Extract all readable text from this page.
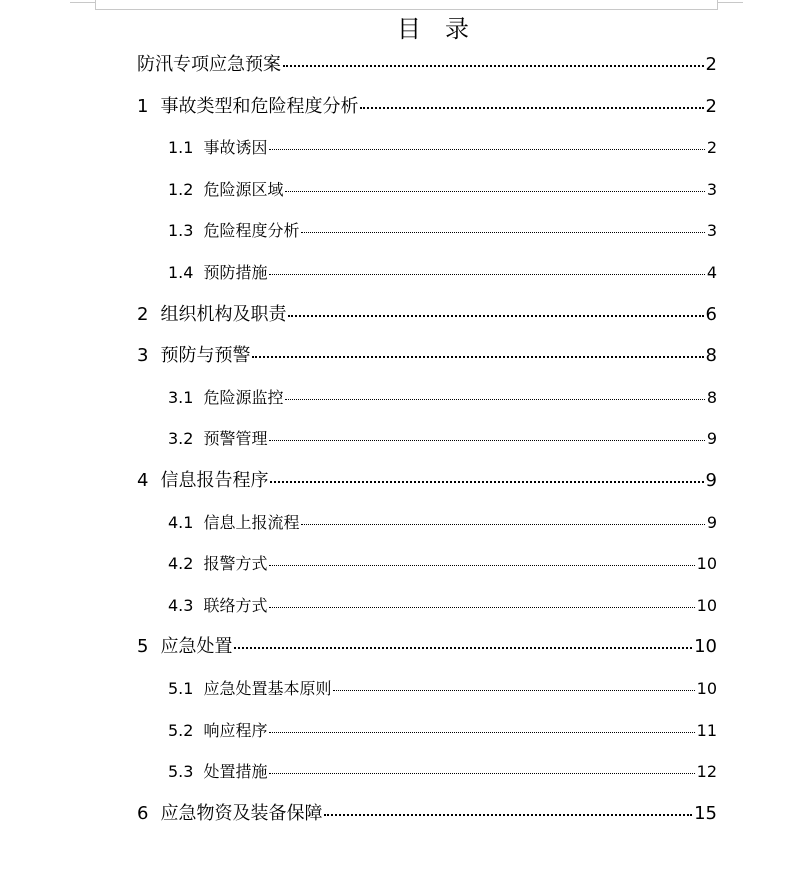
目 录
防汛专项应急预案	2
1 事故类型和危险程度分析	2
1.1 事故诱因	2
1.2 危险源区域	3
1.3 危险程度分析	3
1.4 预防措施	4
2 组织机构及职责	6
3 预防与预警	8
3.1 危险源监控	8
3.2 预警管理	9
4 信息报告程序	9
4.1 信息上报流程	9
4.2 报警方式	10
4.3 联络方式	10
5 应急处置	10
5.1 应急处置基本原则	10
5.2 响应程序	11
5.3 处置措施	12
6 应急物资及装备保障	15
